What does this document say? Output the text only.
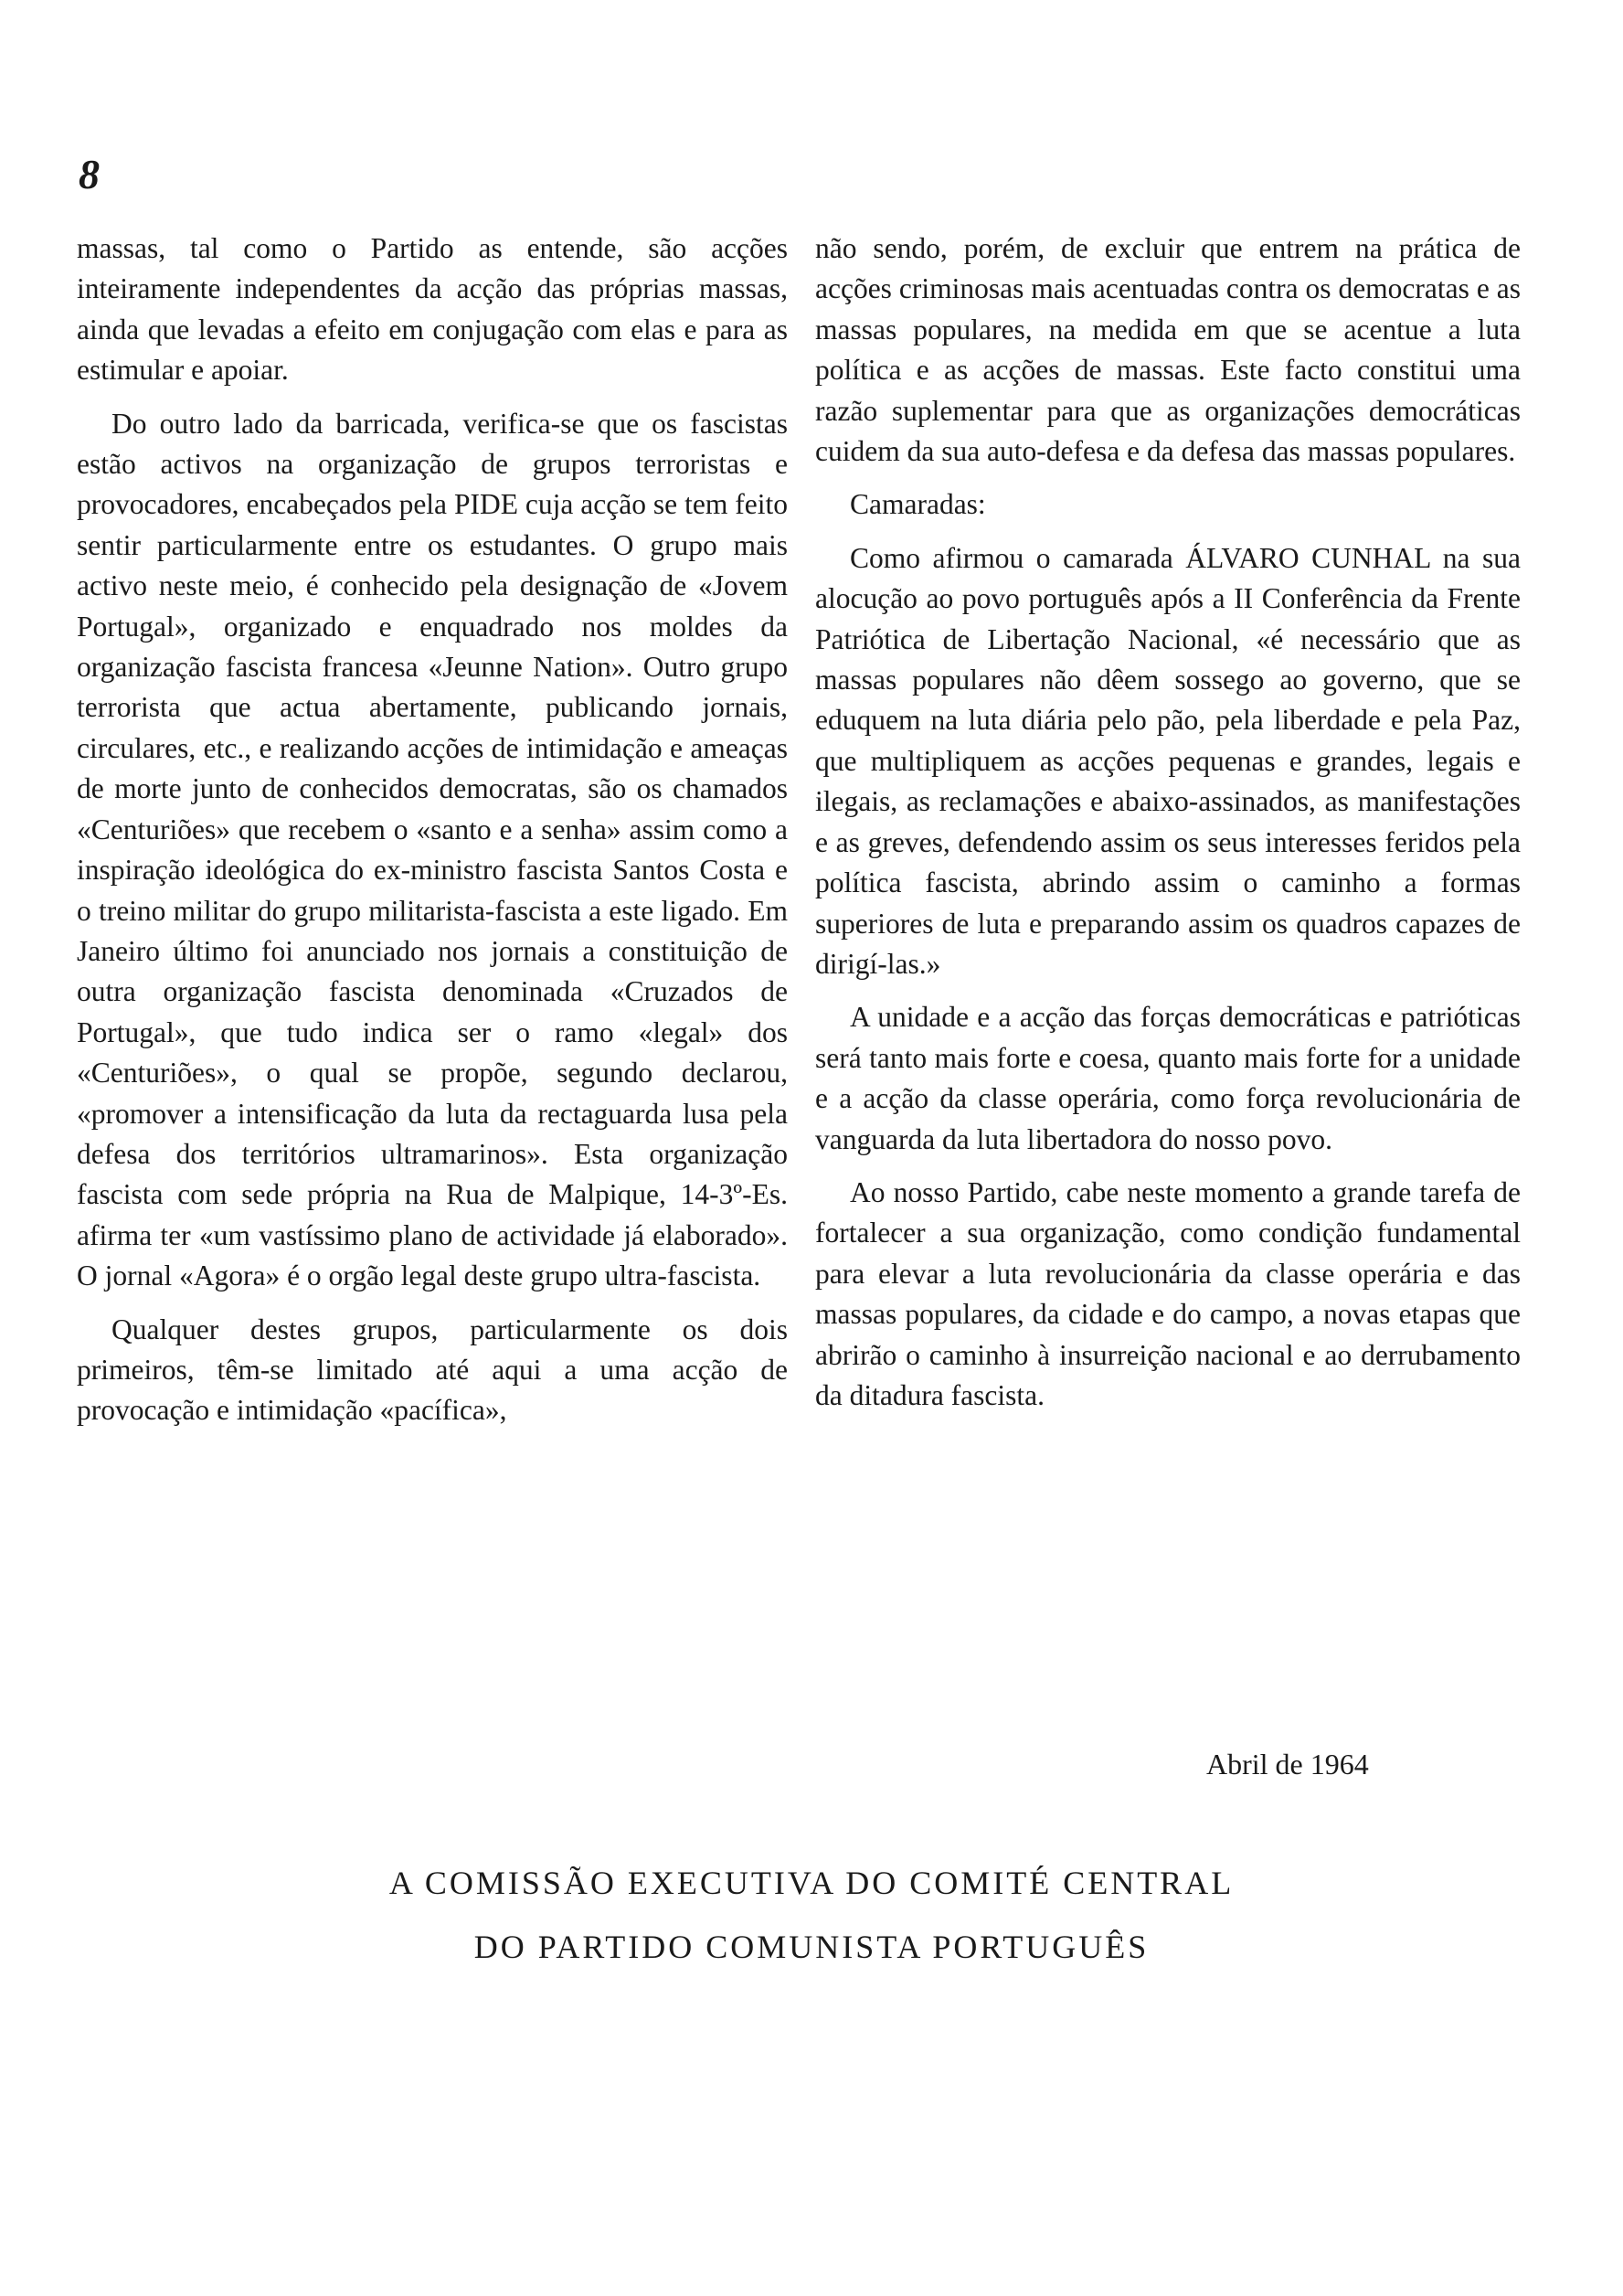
8

massas, tal como o Partido as entende, são acções inteiramente independentes da acção das próprias massas, ainda que levadas a efeito em conjugação com elas e para as estimular e apoiar.

Do outro lado da barricada, verifica-se que os fascistas estão activos na organização de grupos terroristas e provocadores, encabeçados pela PIDE cuja acção se tem feito sentir particularmente entre os estudantes. O grupo mais activo neste meio, é conhecido pela designação de «Jovem Portugal», organizado e enquadrado nos moldes da organização fascista francesa «Jeunne Nation». Outro grupo terrorista que actua abertamente, publicando jornais, circulares, etc., e realizando acções de intimidação e ameaças de morte junto de conhecidos democratas, são os chamados «Centuriões» que recebem o «santo e a senha» assim como a inspiração ideológica do ex-ministro fascista Santos Costa e o treino militar do grupo militarista-fascista a este ligado. Em Janeiro último foi anunciado nos jornais a constituição de outra organização fascista denominada «Cruzados de Portugal», que tudo indica ser o ramo «legal» dos «Centuriões», o qual se propõe, segundo declarou, «promover a intensificação da luta da rectaguarda lusa pela defesa dos territórios ultramarinos». Esta organização fascista com sede própria na Rua de Malpique, 14-3º-Es. afirma ter «um vastíssimo plano de actividade já elaborado». O jornal «Agora» é o orgão legal deste grupo ultra-fascista.

Qualquer destes grupos, particularmente os dois primeiros, têm-se limitado até aqui a uma acção de provocação e intimidação «pacífica»,

não sendo, porém, de excluir que entrem na prática de acções criminosas mais acentuadas contra os democratas e as massas populares, na medida em que se acentue a luta política e as acções de massas. Este facto constitui uma razão suplementar para que as organizações democráticas cuidem da sua auto-defesa e da defesa das massas populares.

Camaradas:

Como afirmou o camarada ÁLVARO CUNHAL na sua alocução ao povo português após a II Conferência da Frente Patriótica de Libertação Nacional, «é necessário que as massas populares não dêem sossego ao governo, que se eduquem na luta diária pelo pão, pela liberdade e pela Paz, que multipliquem as acções pequenas e grandes, legais e ilegais, as reclamações e abaixo-assinados, as manifestações e as greves, defendendo assim os seus interesses feridos pela política fascista, abrindo assim o caminho a formas superiores de luta e preparando assim os quadros capazes de dirigí-las.»

A unidade e a acção das forças democráticas e patrióticas será tanto mais forte e coesa, quanto mais forte for a unidade e a acção da classe operária, como força revolucionária de vanguarda da luta libertadora do nosso povo.

Ao nosso Partido, cabe neste momento a grande tarefa de fortalecer a sua organização, como condição fundamental para elevar a luta revolucionária da classe operária e das massas populares, da cidade e do campo, a novas etapas que abrirão o caminho à insurreição nacional e ao derrubamento da ditadura fascista.

Abril de 1964
A COMISSÃO EXECUTIVA DO COMITÉ CENTRAL
DO PARTIDO COMUNISTA PORTUGUÊS
